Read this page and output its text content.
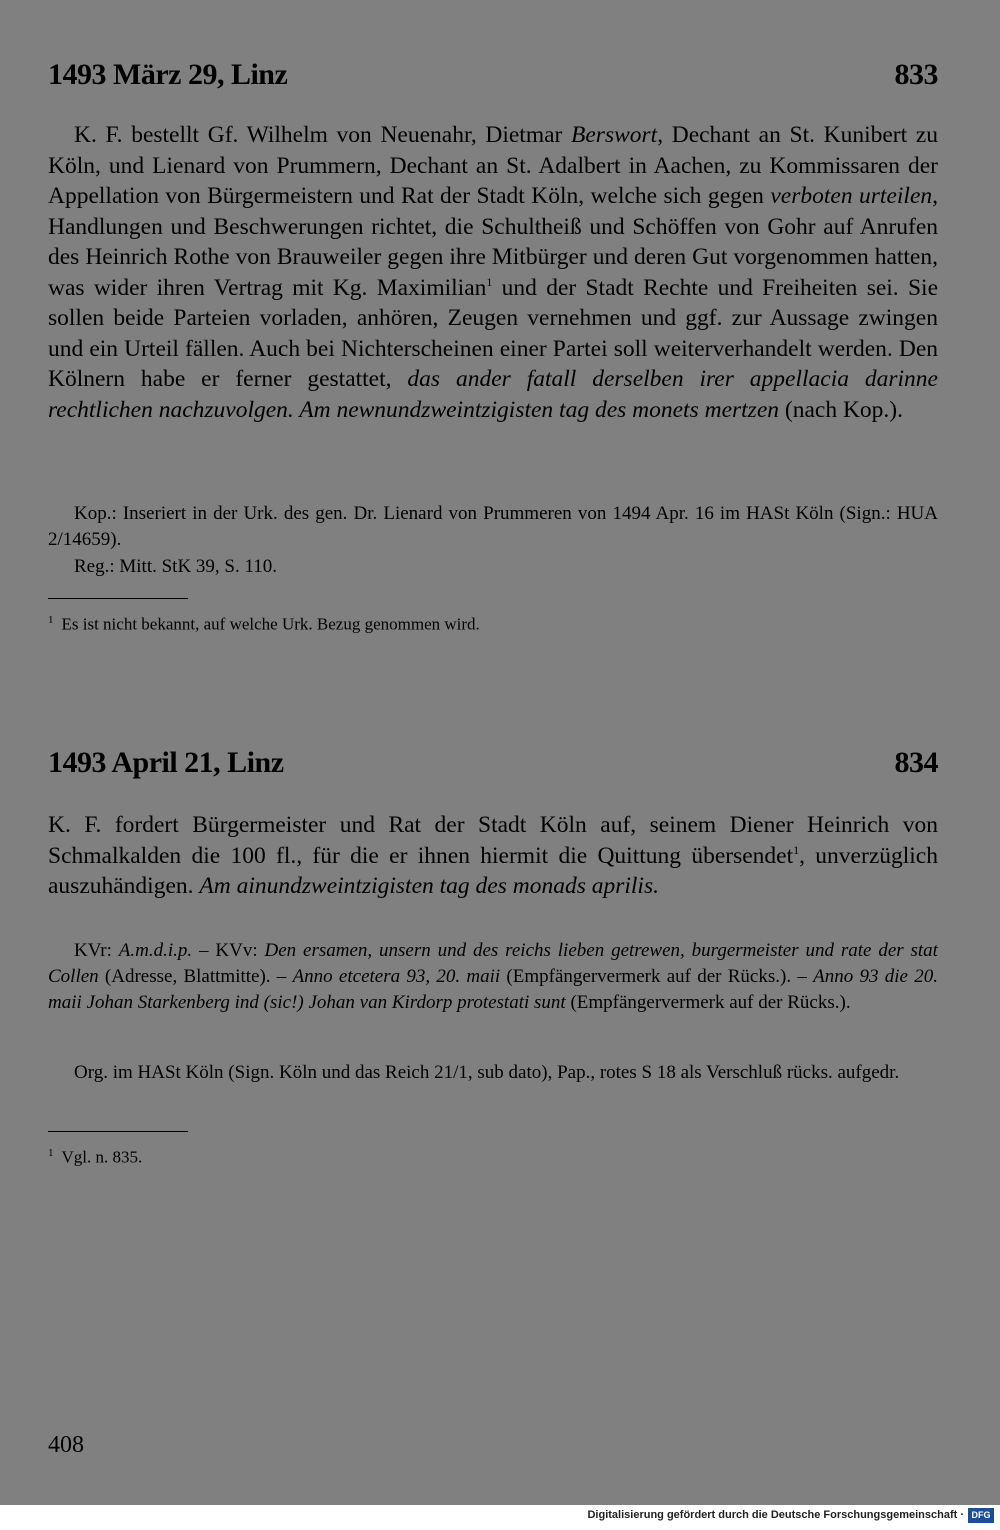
1493 März 29, Linz	833
K. F. bestellt Gf. Wilhelm von Neuenahr, Dietmar Berswort, Dechant an St. Kunibert zu Köln, und Lienard von Prummern, Dechant an St. Adalbert in Aachen, zu Kommissaren der Appellation von Bürgermeistern und Rat der Stadt Köln, welche sich gegen verboten urteilen, Handlungen und Beschwerungen richtet, die Schultheiß und Schöffen von Gohr auf Anrufen des Heinrich Rothe von Brauweiler gegen ihre Mitbürger und deren Gut vorgenommen hatten, was wider ihren Vertrag mit Kg. Maximilian$^1$ und der Stadt Rechte und Freiheiten sei. Sie sollen beide Parteien vorladen, anhören, Zeugen vernehmen und ggf. zur Aussage zwingen und ein Urteil fällen. Auch bei Nichterscheinen einer Partei soll weiterverhandelt werden. Den Kölnern habe er ferner gestattet, das ander fatall derselben irer appellacia darinne rechtlichen nachzuvolgen. Am newnundzweintzigisten tag des monets mertzen (nach Kop.).
Kop.: Inseriert in der Urk. des gen. Dr. Lienard von Prummeren von 1494 Apr. 16 im HASt Köln (Sign.: HUA 2/14659).
Reg.: Mitt. StK 39, S. 110.
$^1$ Es ist nicht bekannt, auf welche Urk. Bezug genommen wird.
1493 April 21, Linz	834
K. F. fordert Bürgermeister und Rat der Stadt Köln auf, seinem Diener Heinrich von Schmalkalden die 100 fl., für die er ihnen hiermit die Quittung übersendet$^1$, unverzüglich auszuhändigen. Am ainundzweintzigisten tag des monads aprilis.
KVr: A.m.d.i.p. – KVv: Den ersamen, unsern und des reichs lieben getrewen, burgermeister und rate der stat Collen (Adresse, Blattmitte). – Anno etcetera 93, 20. maii (Empfängervermerk auf der Rücks.). – Anno 93 die 20. maii Johan Starkenberg ind (sic!) Johan van Kirdorp protestati sunt (Empfängervermerk auf der Rücks.).
Org. im HASt Köln (Sign. Köln und das Reich 21/1, sub dato), Pap., rotes S 18 als Verschluß rücks. aufgedr.
$^1$ Vgl. n. 835.
408
Digitalisierung gefördert durch die Deutsche Forschungsgemeinschaft · DFG
